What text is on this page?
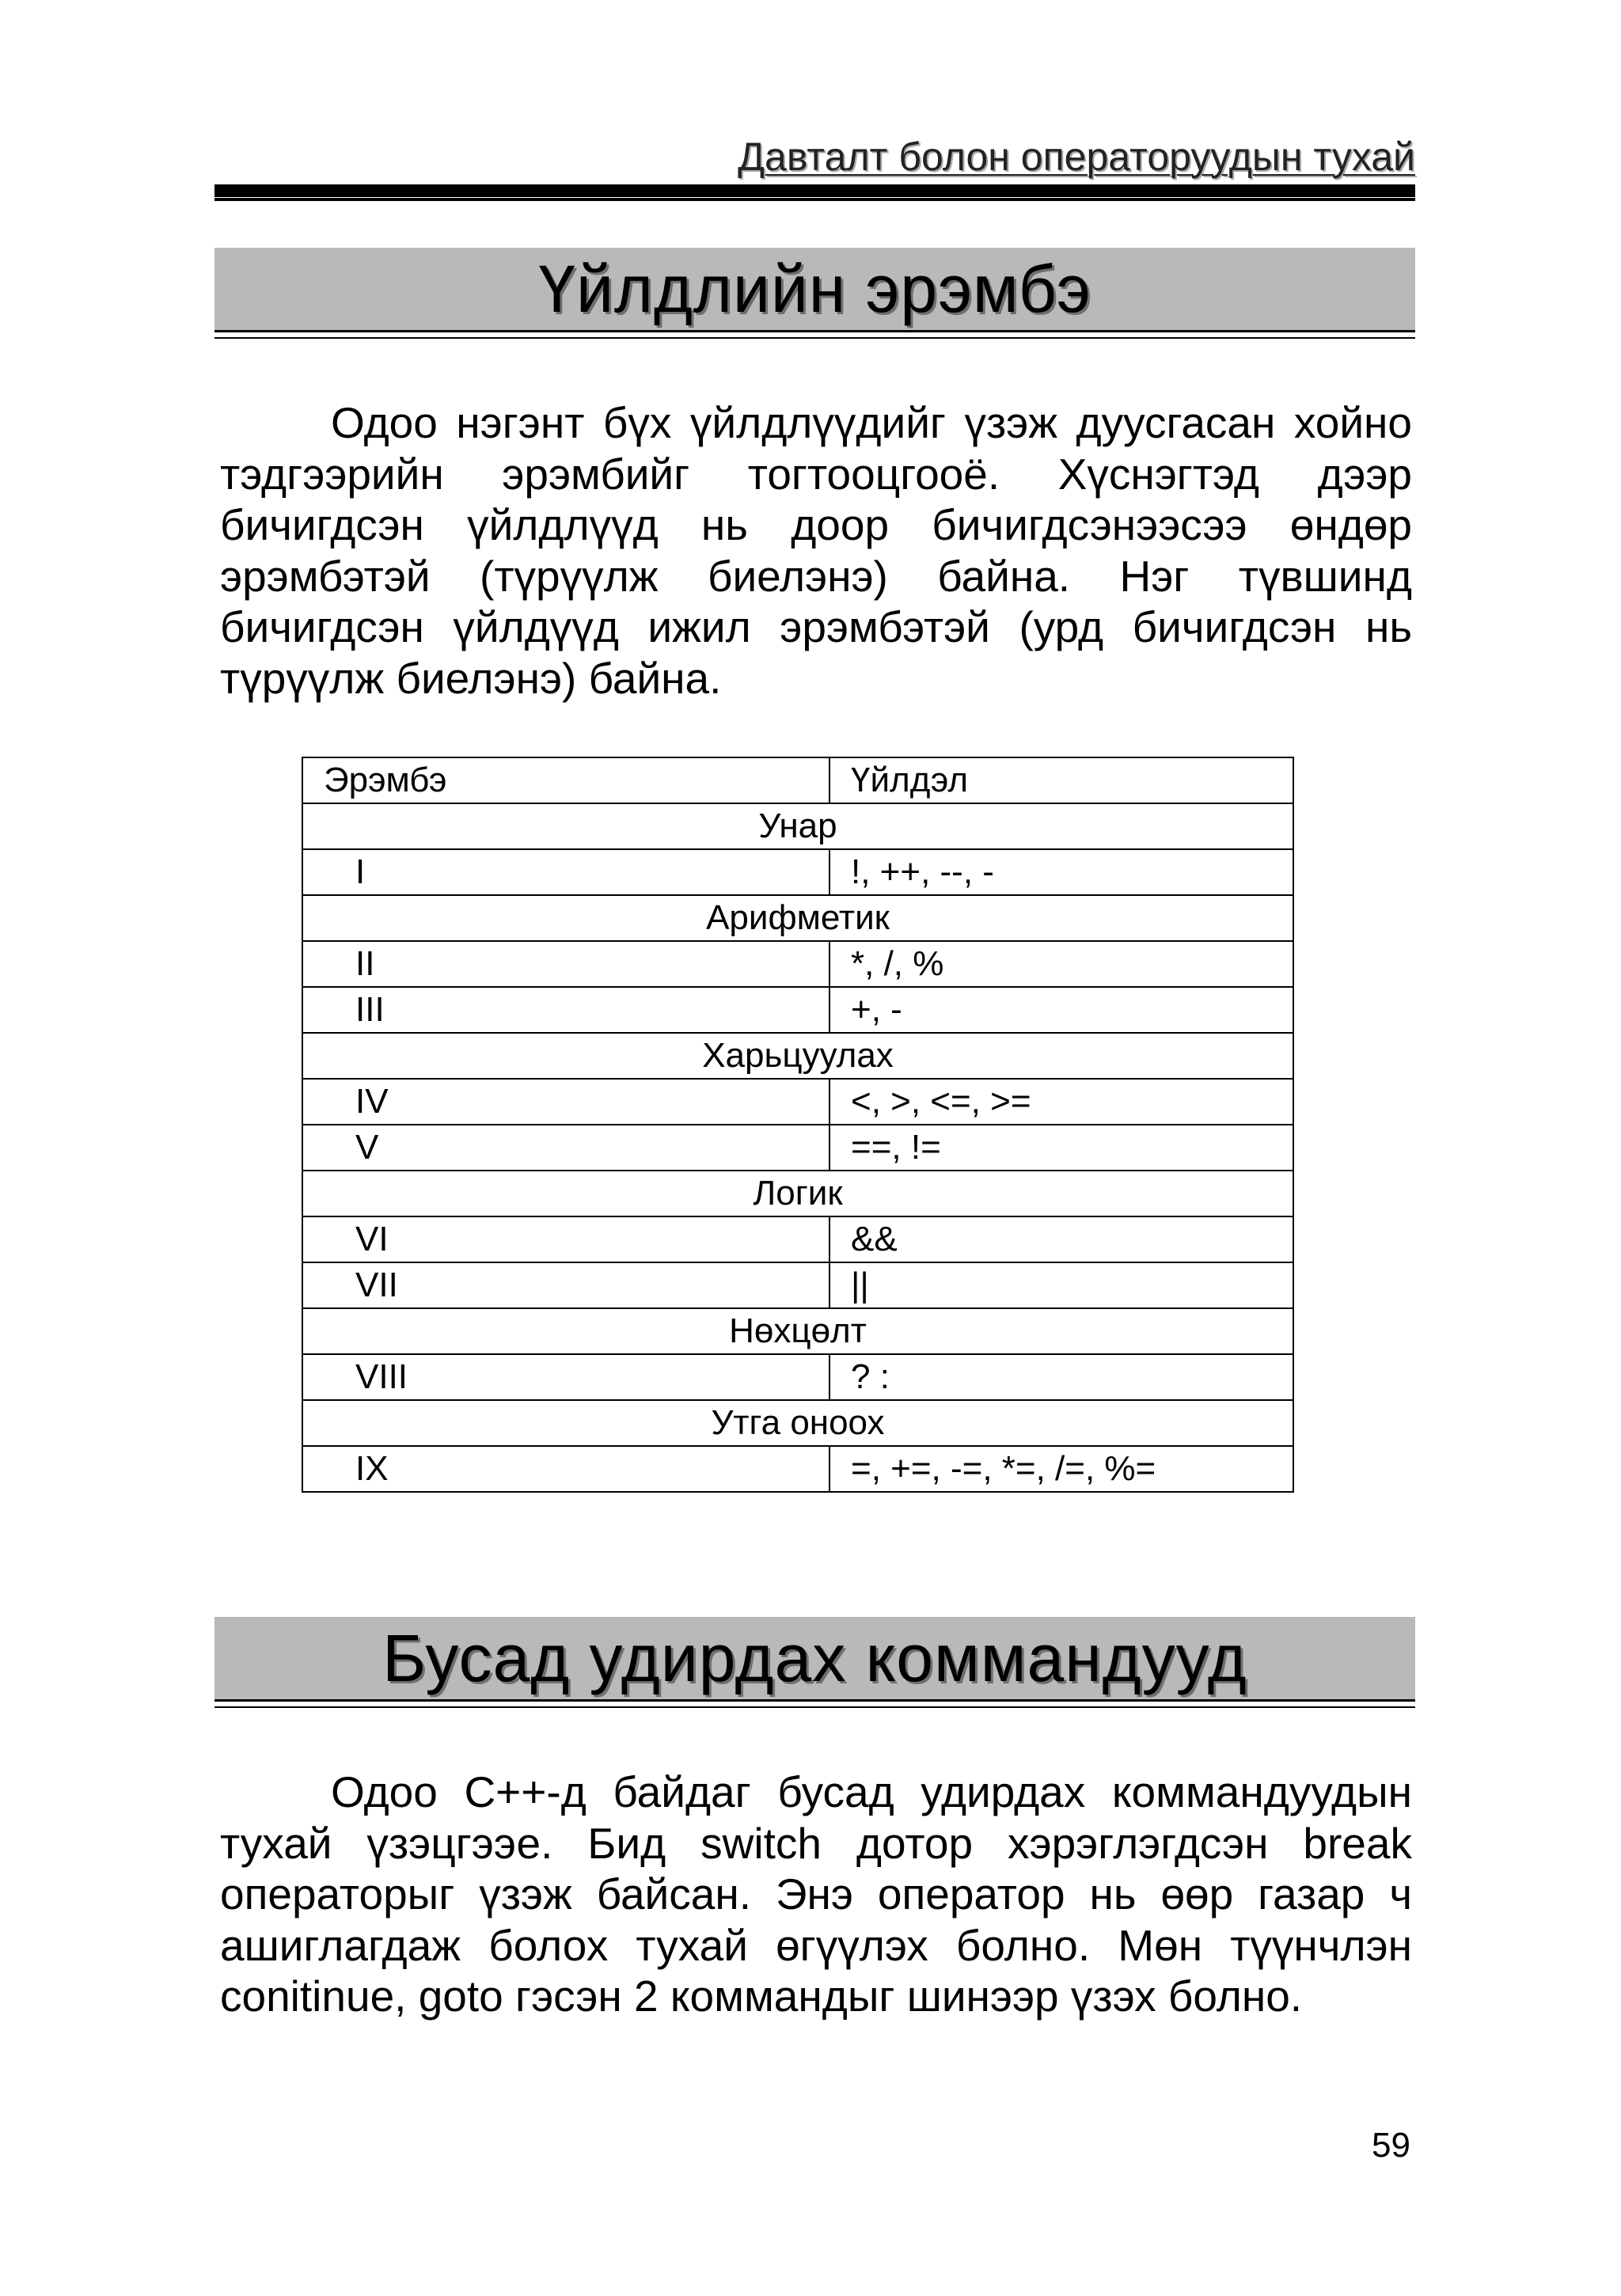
Давталт болон операторуудын тухай
Үйлдлийн эрэмбэ
Одоо нэгэнт бүх үйлдлүүдийг үзэж дуусгасан хойно тэдгээрийн эрэмбийг тогтооцгооё. Хүснэгтэд дээр бичигдсэн үйлдлүүд нь доор бичигдсэнээсээ өндөр эрэмбэтэй (түрүүлж биелэнэ) байна. Нэг түвшинд бичигдсэн үйлдүүд ижил эрэмбэтэй (урд бичигдсэн нь түрүүлж биелэнэ) байна.
Эрэмбэ	Үйлдэл
Унар	
I	!, ++, --, -
Арифметик	
II	*, /, %
III	+, -
Харьцуулах	
IV	<, >, <=, >=
V	==, !=
Логик	
VI	&&
VII	||
Нөхцөлт	
VIII	? :
Утга оноох	
IX	=, +=, -=, *=, /=, %=
Бусад удирдах коммандууд
Одоо C++-д байдаг бусад удирдах коммандуудын тухай үзэцгээе. Бид switch дотор хэрэглэгдсэн break операторыг үзэж байсан. Энэ оператор нь өөр газар ч ашиглагдаж болох тухай өгүүлэх болно. Мөн түүнчлэн conitinue, goto гэсэн 2 коммандыг шинээр үзэх болно.
59
